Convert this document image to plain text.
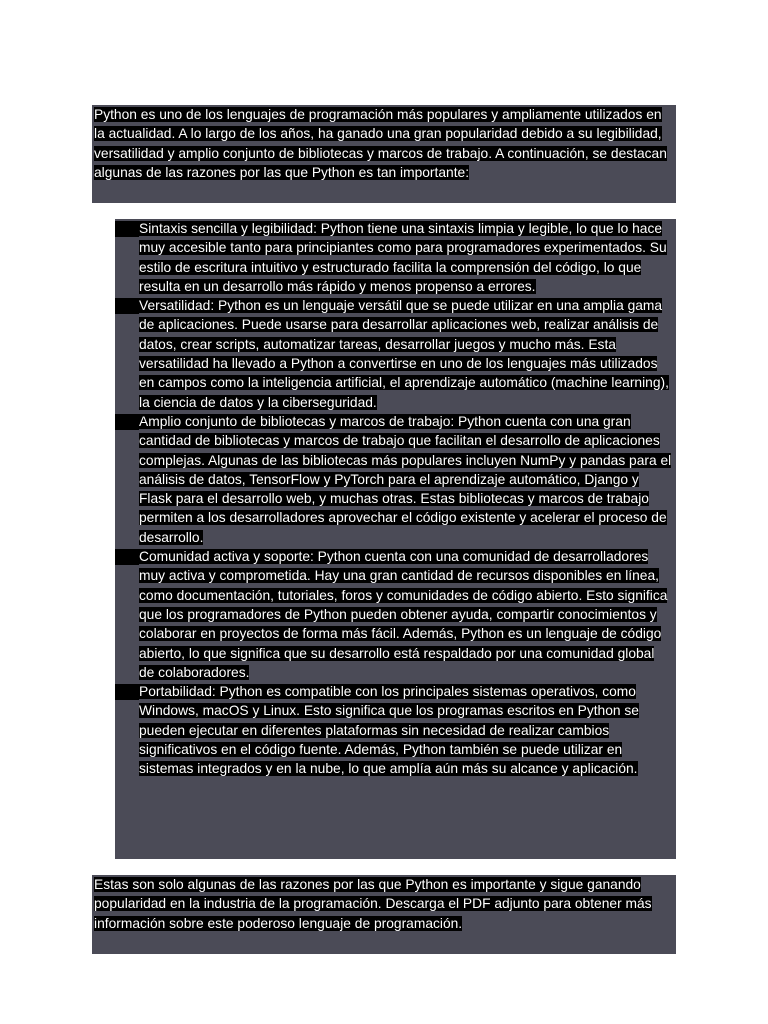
Python es uno de los lenguajes de programación más populares y ampliamente utilizados en la actualidad. A lo largo de los años, ha ganado una gran popularidad debido a su legibilidad, versatilidad y amplio conjunto de bibliotecas y marcos de trabajo. A continuación, se destacan algunas de las razones por las que Python es tan importante:

Sintaxis sencilla y legibilidad: Python tiene una sintaxis limpia y legible, lo que lo hace muy accesible tanto para principiantes como para programadores experimentados. Su estilo de escritura intuitivo y estructurado facilita la comprensión del código, lo que resulta en un desarrollo más rápido y menos propenso a errores.
Versatilidad: Python es un lenguaje versátil que se puede utilizar en una amplia gama de aplicaciones. Puede usarse para desarrollar aplicaciones web, realizar análisis de datos, crear scripts, automatizar tareas, desarrollar juegos y mucho más. Esta versatilidad ha llevado a Python a convertirse en uno de los lenguajes más utilizados en campos como la inteligencia artificial, el aprendizaje automático (machine learning), la ciencia de datos y la ciberseguridad.
Amplio conjunto de bibliotecas y marcos de trabajo: Python cuenta con una gran cantidad de bibliotecas y marcos de trabajo que facilitan el desarrollo de aplicaciones complejas. Algunas de las bibliotecas más populares incluyen NumPy y pandas para el análisis de datos, TensorFlow y PyTorch para el aprendizaje automático, Django y Flask para el desarrollo web, y muchas otras. Estas bibliotecas y marcos de trabajo permiten a los desarrolladores aprovechar el código existente y acelerar el proceso de desarrollo.
Comunidad activa y soporte: Python cuenta con una comunidad de desarrolladores muy activa y comprometida. Hay una gran cantidad de recursos disponibles en línea, como documentación, tutoriales, foros y comunidades de código abierto. Esto significa que los programadores de Python pueden obtener ayuda, compartir conocimientos y colaborar en proyectos de forma más fácil. Además, Python es un lenguaje de código abierto, lo que significa que su desarrollo está respaldado por una comunidad global de colaboradores.
Portabilidad: Python es compatible con los principales sistemas operativos, como Windows, macOS y Linux. Esto significa que los programas escritos en Python se pueden ejecutar en diferentes plataformas sin necesidad de realizar cambios significativos en el código fuente. Además, Python también se puede utilizar en sistemas integrados y en la nube, lo que amplía aún más su alcance y aplicación.

Estas son solo algunas de las razones por las que Python es importante y sigue ganando popularidad en la industria de la programación. Descarga el PDF adjunto para obtener más información sobre este poderoso lenguaje de programación.
